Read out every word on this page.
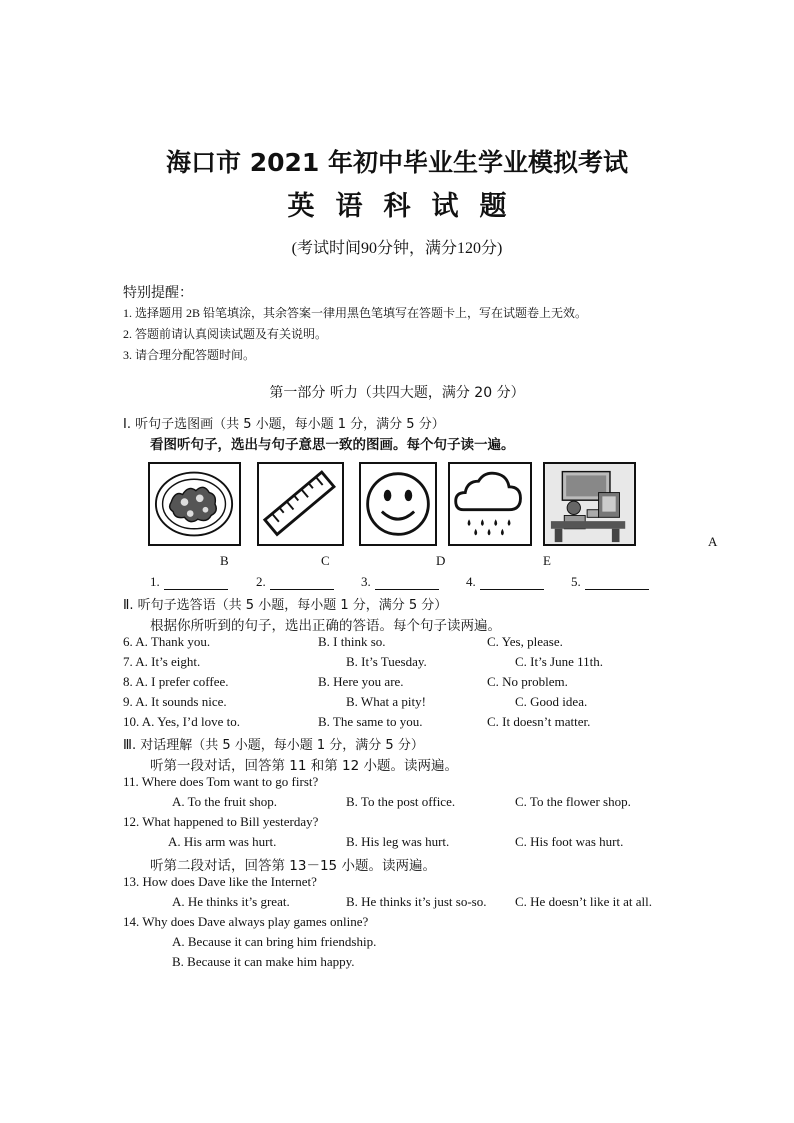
海口市 2021 年初中毕业生学业模拟考试
英语科试题
(考试时间90分钟，满分120分)
特别提醒：
1. 选择题用 2B 铅笔填涂，其余答案一律用黑色笔填写在答题卡上，写在试题卷上无效。
2. 答题前请认真阅读试题及有关说明。
3. 请合理分配答题时间。
第一部分 听力（共四大题，满分 20 分）
Ⅰ. 听句子选图画（共 5 小题，每小题 1 分，满分 5 分）
看图听句子，选出与句子意思一致的图画。每个句子读一遍。
B	C	D	E
A
1.	2.	3.	4.	5.
Ⅱ. 听句子选答语（共 5 小题，每小题 1 分，满分 5 分）
根据你所听到的句子，选出正确的答语。每个句子读两遍。
6. A. Thank you.	B. I think so.	C. Yes, please.
7. A. It’s eight.	B. It’s Tuesday.	C. It’s June 11th.
8. A. I prefer coffee.	B. Here you are.	C. No problem.
9. A. It sounds nice.	B. What a pity!	C. Good idea.
10. A. Yes, I’d love to.	B. The same to you.	C. It doesn’t matter.
Ⅲ. 对话理解（共 5 小题，每小题 1 分，满分 5 分）
听第一段对话，回答第 11 和第 12 小题。读两遍。
11. Where does Tom want to go first?
A. To the fruit shop.	B. To the post office.	C. To the flower shop.
12. What happened to Bill yesterday?
A. His arm was hurt.	B. His leg was hurt.	C. His foot was hurt.
听第二段对话，回答第 13－15 小题。读两遍。
13. How does Dave like the Internet?
A. He thinks it’s great.	B. He thinks it’s just so-so. C. He doesn’t like it at all.
14. Why does Dave always play games online?
A. Because it can bring him friendship.
B. Because it can make him happy.
